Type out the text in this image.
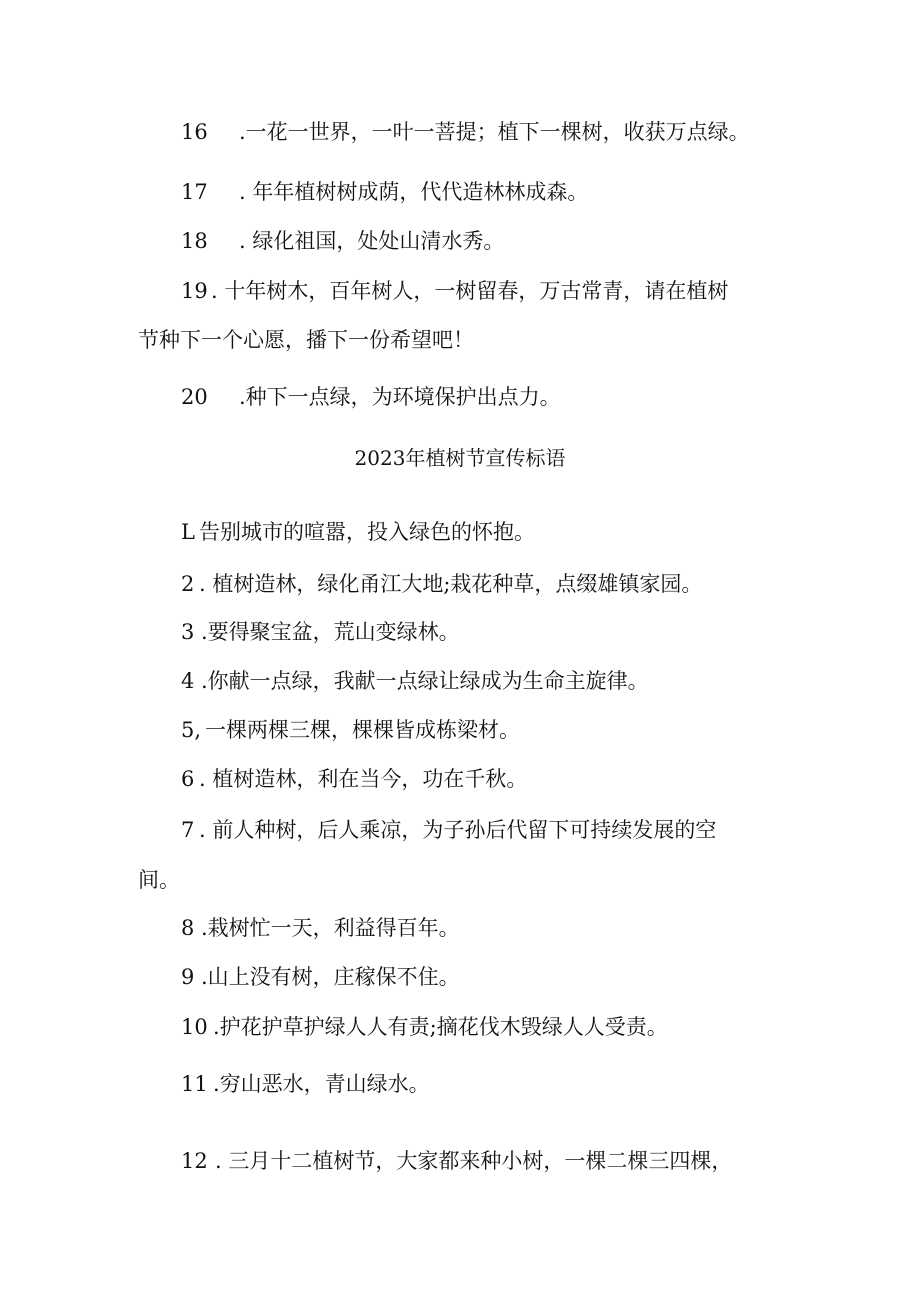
16 .一花一世界，一叶一菩提；植下一棵树，收获万点绿。
17 . 年年植树树成荫，代代造林林成森。
18 . 绿化祖国，处处山清水秀。
19 . 十年树木，百年树人，一树留春，万古常青，请在植树
节种下一个心愿，播下一份希望吧！
20 .种下一点绿，为环境保护出点力。
2023年植树节宣传标语
L 告别城市的喧嚣，投入绿色的怀抱。
2 . 植树造林，绿化甬江大地;栽花种草，点缀雄镇家园。
3 .要得聚宝盆，荒山变绿林。
4 .你献一点绿，我献一点绿让绿成为生命主旋律。
5, 一棵两棵三棵，棵棵皆成栋梁材。
6 . 植树造林，利在当今，功在千秋。
7 . 前人种树，后人乘凉，为子孙后代留下可持续发展的空
间。
8 .栽树忙一天，利益得百年。
9 .山上没有树，庄稼保不住。
10 .护花护草护绿人人有责;摘花伐木毁绿人人受责。
11 .穷山恶水，青山绿水。
12 . 三月十二植树节，大家都来种小树，一棵二棵三四棵，
